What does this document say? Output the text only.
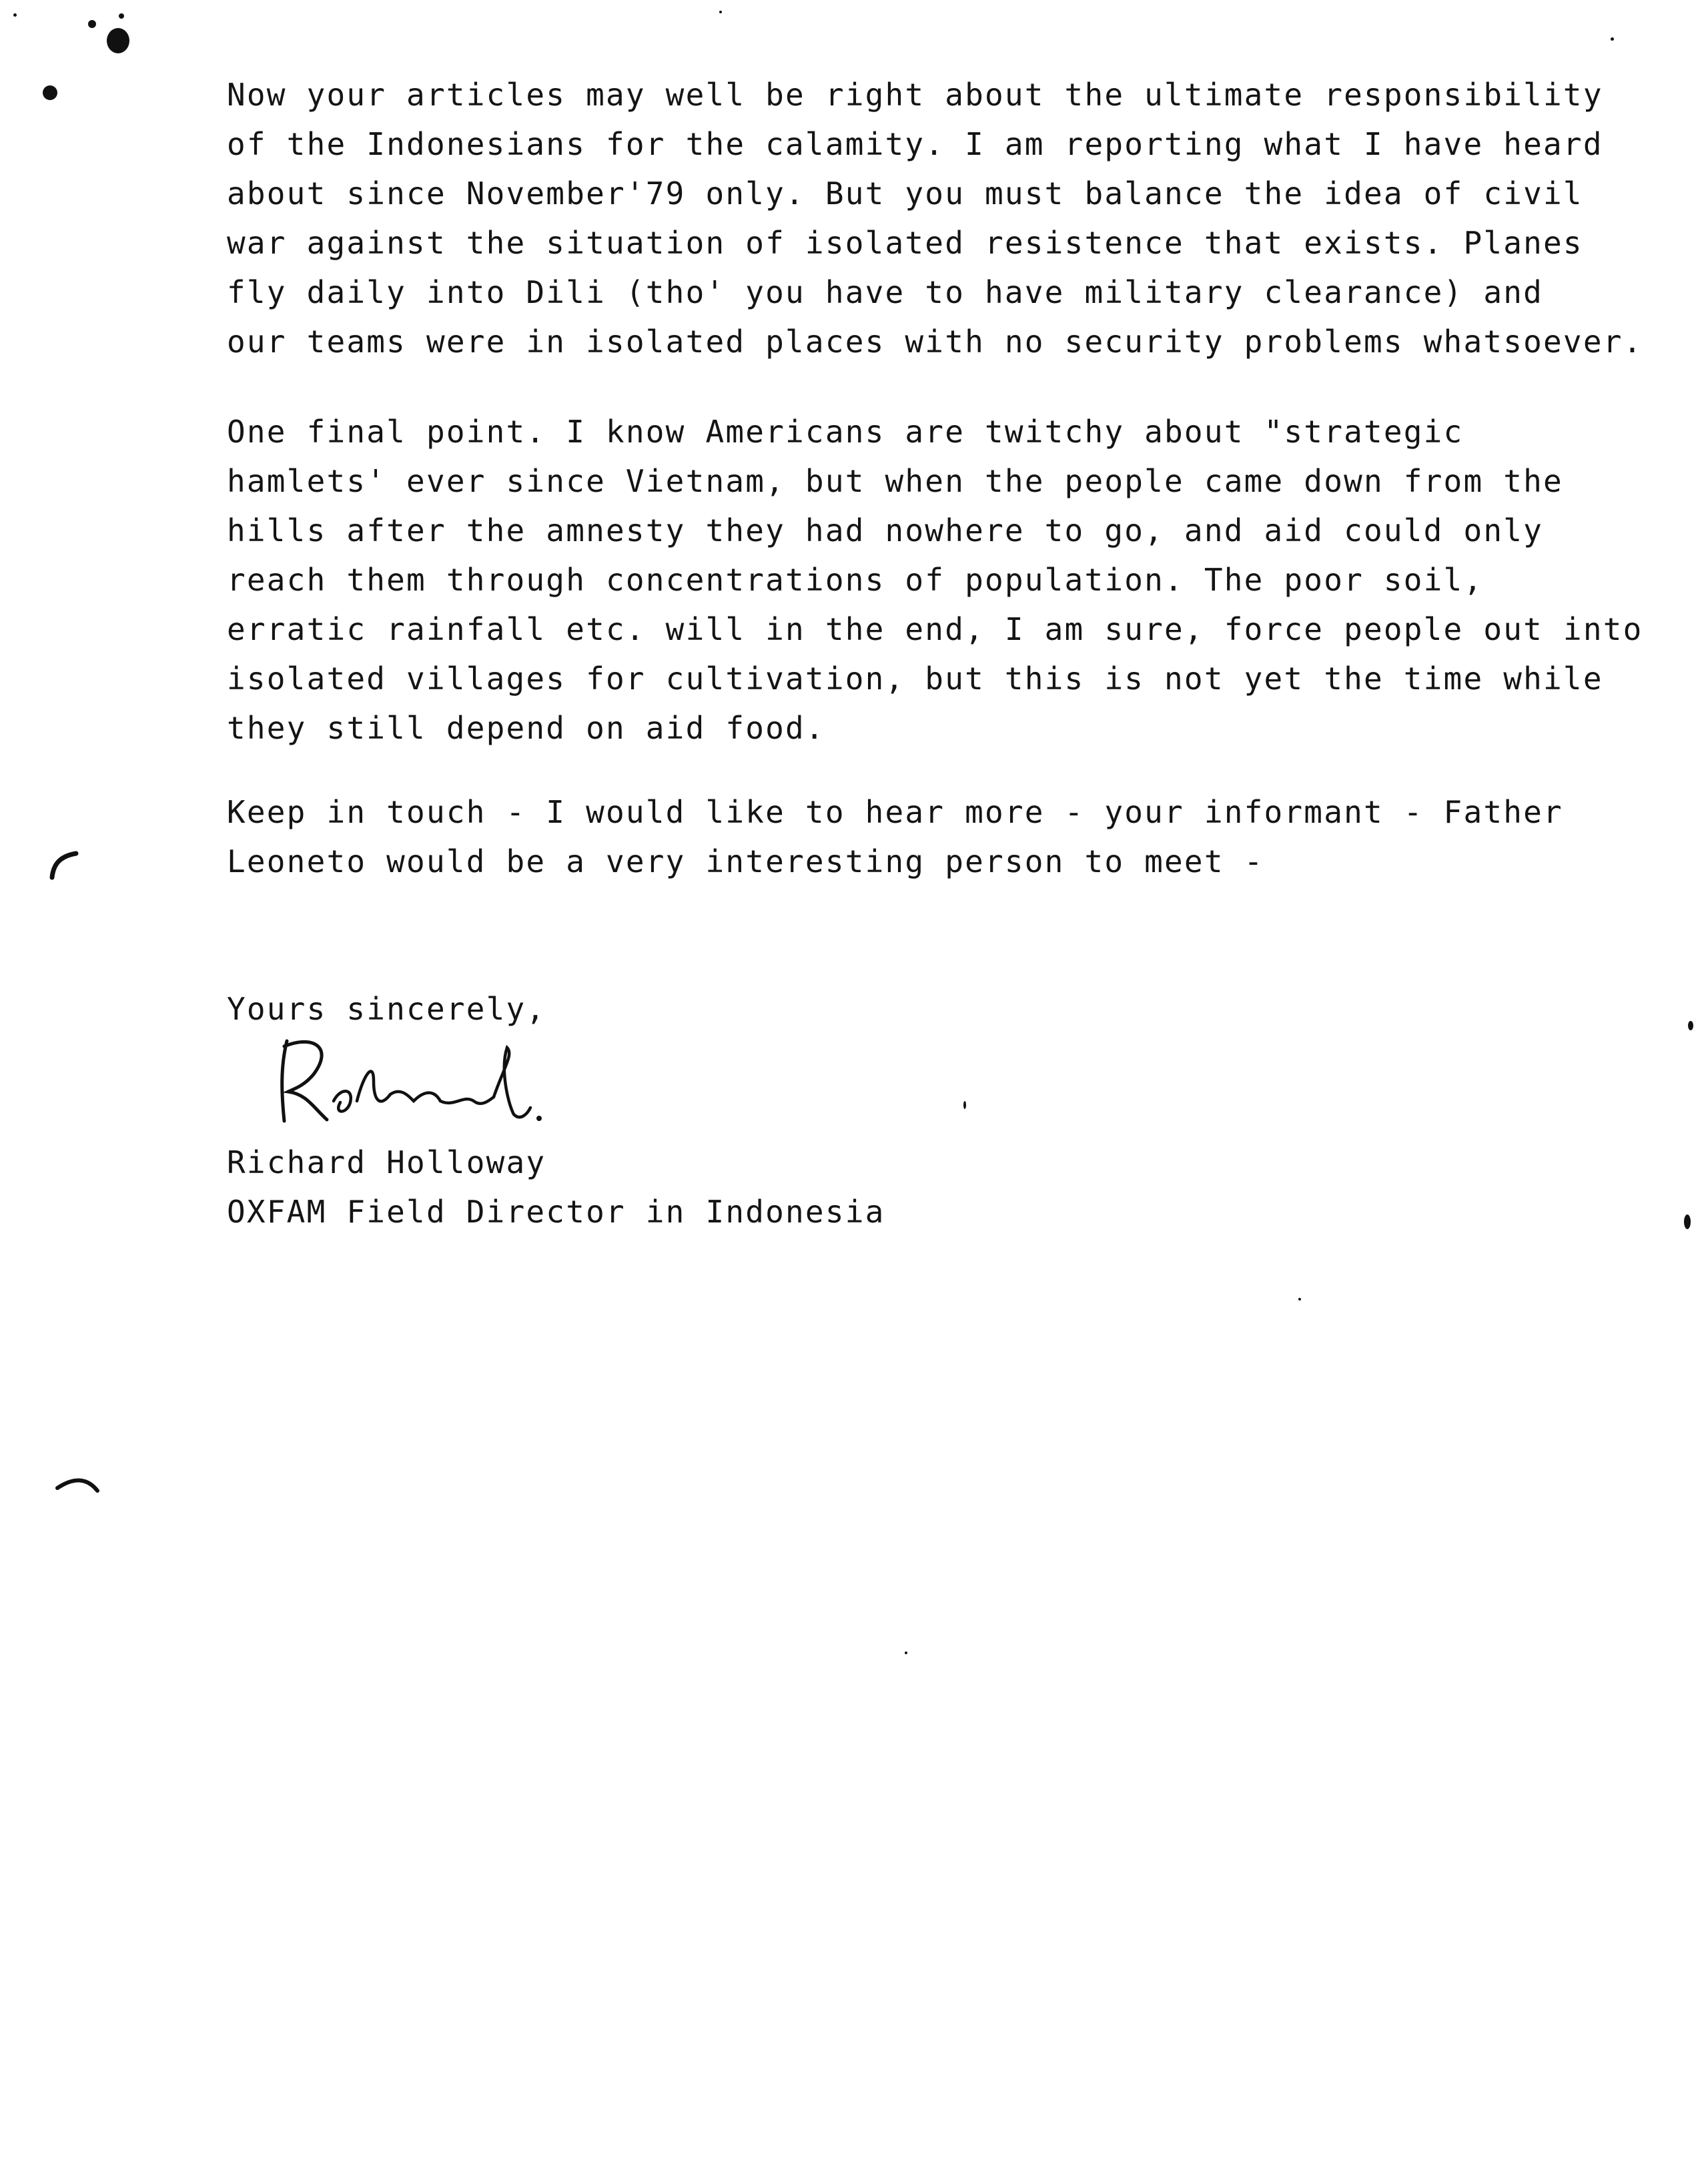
Now your articles may well be right about the ultimate responsibility

of the Indonesians for the calamity. I am reporting what I have heard

about since November'79 only. But you must balance the idea of civil

war against the situation of isolated resistence that exists. Planes

fly daily into Dili (tho' you have to have military clearance) and

our teams were in isolated places with no security problems whatsoever.

One final point. I know Americans are twitchy about "strategic

hamlets' ever since Vietnam, but when the people came down from the

hills after the amnesty they had nowhere to go, and aid could only

reach them through concentrations of population. The poor soil,

erratic rainfall etc. will in the end, I am sure, force people out into

isolated villages for cultivation, but this is not yet the time while

they still depend on aid food.

Keep in touch - I would like to hear more - your informant - Father

Leoneto would be a very interesting person to meet -

Yours sincerely,

Richard Holloway

OXFAM Field Director in Indonesia
